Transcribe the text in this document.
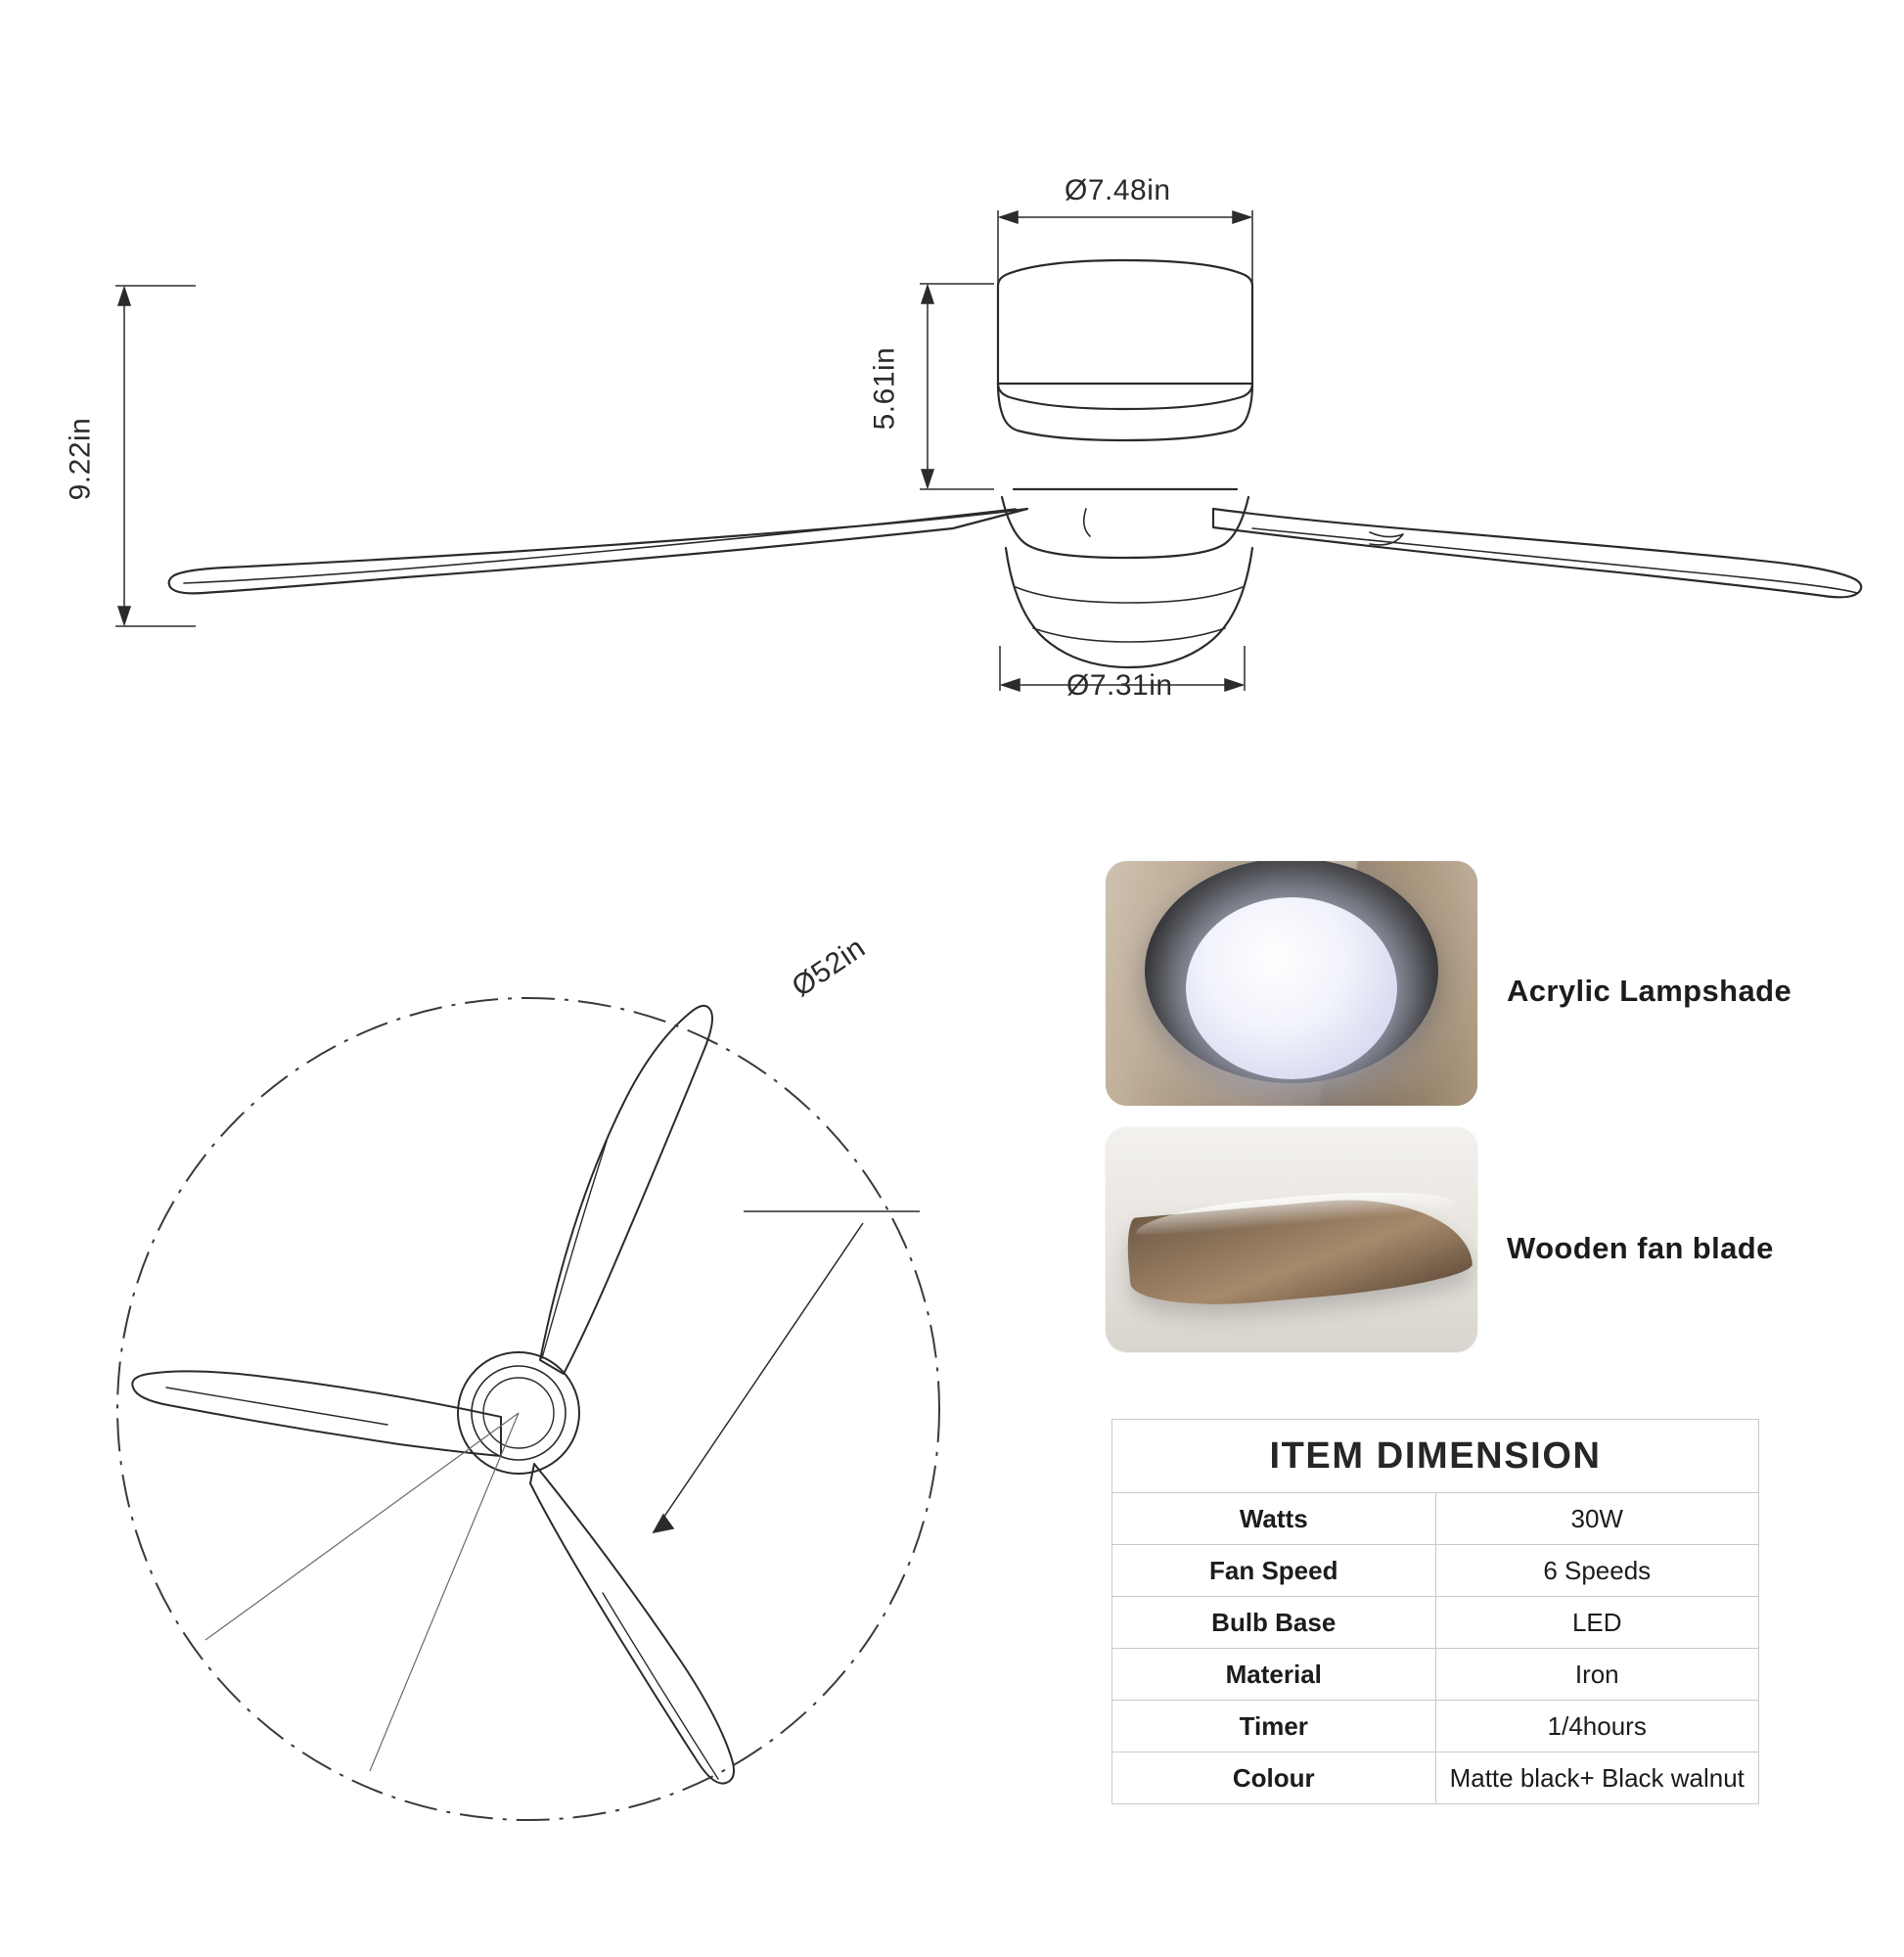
Ø7.48in
5.61in
9.22in
Ø7.31in
Ø52in	Acrylic Lampshade
Wooden fan blade
ITEM DIMENSION	
Watts	30W
Fan Speed	6 Speeds
Bulb Base	LED
Material	Iron
Timer	1/4hours
Colour	Matte black+ Black walnut
